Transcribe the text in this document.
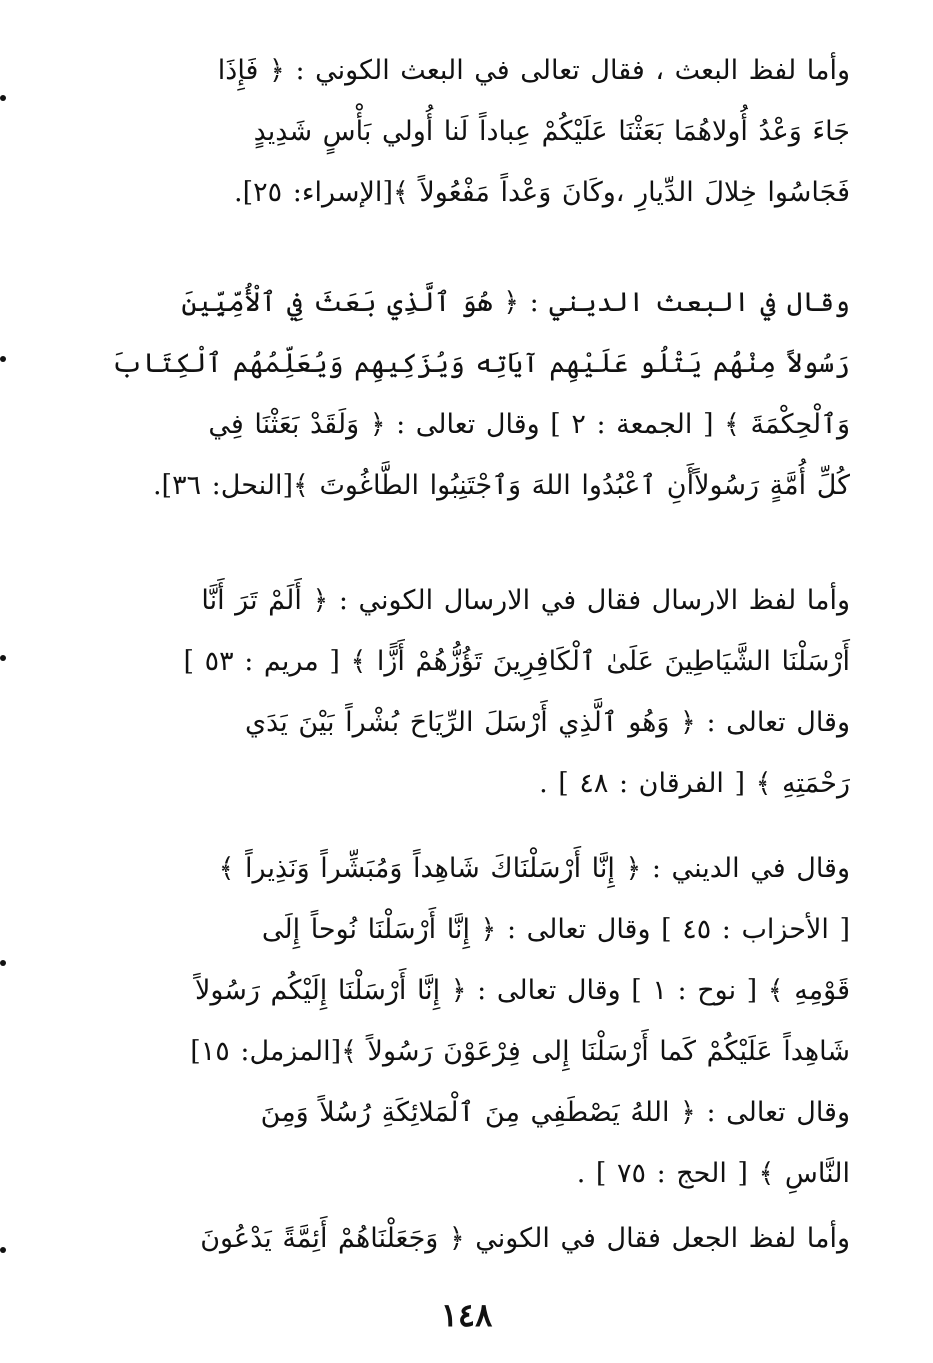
وأما لفظ البعث ، فقال تعالى في البعث الكوني : ﴿ فَإِذَا

جَاءَ وَعْدُ أُولاهُمَا بَعَثْنَا عَلَيْكُمْ عِباداً لَنا أُولي بَأْسٍ شَدِيدٍ

فَجَاسُوا خِلالَ الدِّيارِ ،وكَانَ وَعْداً مَفْعُولاً ﴾[الإسراء: ٢٥].

وقال في البعث الديني : ﴿ هُوَ ٱلَّذِي بَعَثَ فِي ٱلْأُمِّيِّينَ

رَسُولاً مِنْهُم يَتْلُو عَلَيْهِم آيَاتِه وَيُزَكِيهِم وَيُعَلِّمُهُم ٱلْكِتَابَ

وَٱلْحِكْمَةَ ﴾ [ الجمعة : ٢ ] وقال تعالى : ﴿ وَلَقَدْ بَعَثْنَا فِي

كُلِّ أُمَّةٍ رَسُولاًأَنِ ٱعْبُدُوا اللهَ وَٱجْتَنِبُوا الطَّاغُوتَ ﴾[النحل: ٣٦].

وأما لفظ الارسال فقال في الارسال الكوني : ﴿ أَلَمْ تَرَ أَنَّا

أَرْسَلْنَا الشَّيَاطِينَ عَلَىٰ ٱلْكَافِرِينَ تَؤُزُّهُمْ أَزًّا ﴾ [ مريم : ٥٣ ]

وقال تعالى : ﴿ وَهُو ٱلَّذِي أَرْسَلَ الرِّيَاحَ بُشْراً بَيْنَ يَدَي

رَحْمَتِهِ ﴾ [ الفرقان : ٤٨ ] .

وقال في الديني : ﴿ إِنَّا أَرْسَلْنَاكَ شَاهِداً وَمُبَشِّراً وَنَذِيراً ﴾

[ الأحزاب : ٤٥ ] وقال تعالى : ﴿ إِنَّا أَرْسَلْنَا نُوحاً إِلَى

قَوْمِهِ ﴾ [ نوح : ١ ] وقال تعالى : ﴿ إِنَّا أَرْسَلْنَا إِلَيْكُم رَسُولاً

شَاهِداً عَلَيْكُمْ كَما أَرْسَلْنَا إِلى فِرْعَوْنَ رَسُولاً ﴾[المزمل: ١٥]

وقال تعالى : ﴿ اللهُ يَصْطَفِي مِنَ ٱلْمَلائِكَةِ رُسُلاً وَمِنَ

النَّاسِ ﴾ [ الحج : ٧٥ ] .

وأما لفظ الجعل فقال في الكوني ﴿ وَجَعَلْنَاهُمْ أَئِمَّةً يَدْعُونَ

١٤٨
